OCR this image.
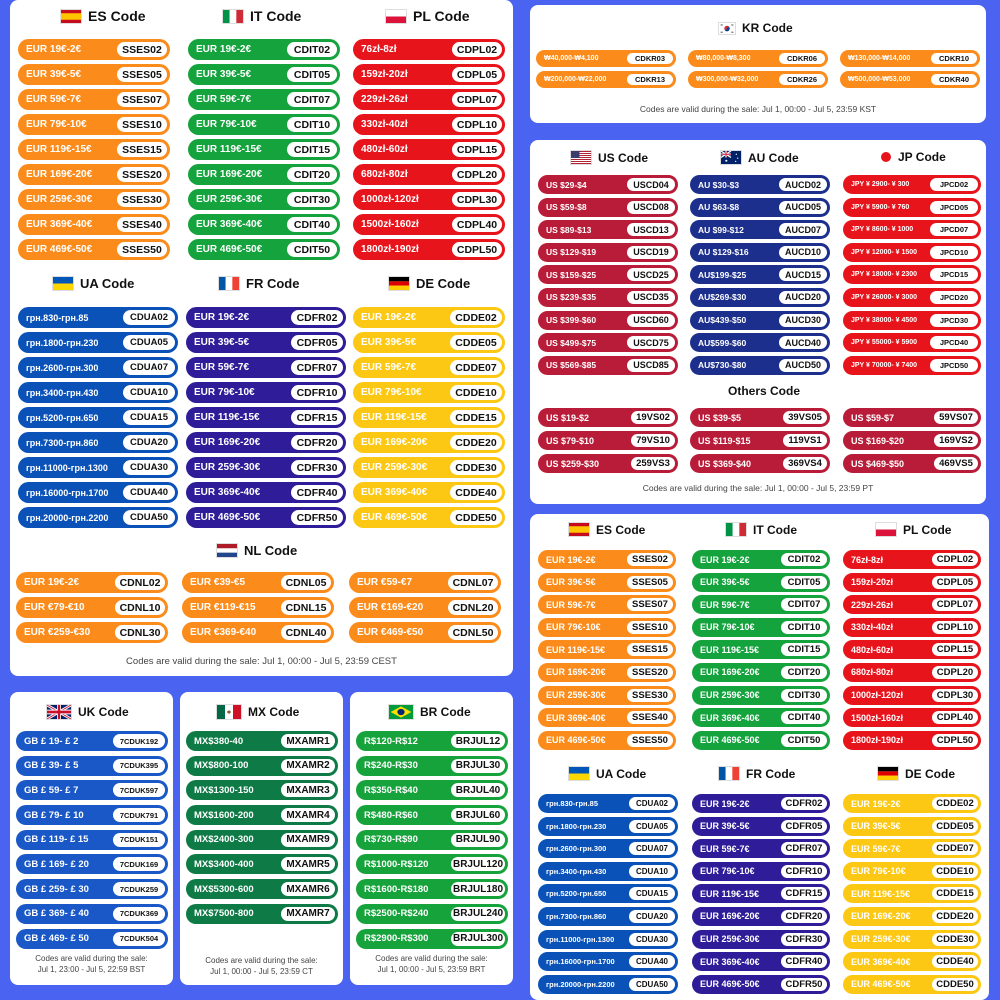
ES Code	IT Code	PL Code
EUR 19€-2€	SSES02
EUR 39€-5€	SSES05
EUR 59€-7€	SSES07
EUR 79€-10€	SSES10
EUR 119€-15€	SSES15
EUR 169€-20€	SSES20
EUR 259€-30€	SSES30
EUR 369€-40€	SSES40
EUR 469€-50€	SSES50
EUR 19€-2€	CDIT02
EUR 39€-5€	CDIT05
EUR 59€-7€	CDIT07
EUR 79€-10€	CDIT10
EUR 119€-15€	CDIT15
EUR 169€-20€	CDIT20
EUR 259€-30€	CDIT30
EUR 369€-40€	CDIT40
EUR 469€-50€	CDIT50
76zł-8zł	CDPL02
159zł-20zł	CDPL05
229zł-26zł	CDPL07
330zł-40zł	CDPL10
480zł-60zł	CDPL15
680zł-80zł	CDPL20
1000zł-120zł	CDPL30
1500zł-160zł	CDPL40
1800zł-190zł	CDPL50
UA Code	FR Code	DE Code
грн.830-грн.85	CDUA02
грн.1800-грн.230	CDUA05
грн.2600-грн.300	CDUA07
грн.3400-грн.430	CDUA10
грн.5200-грн.650	CDUA15
грн.7300-грн.860	CDUA20
грн.11000-грн.1300	CDUA30
грн.16000-грн.1700	CDUA40
грн.20000-грн.2200	CDUA50
EUR 19€-2€	CDFR02
EUR 39€-5€	CDFR05
EUR 59€-7€	CDFR07
EUR 79€-10€	CDFR10
EUR 119€-15€	CDFR15
EUR 169€-20€	CDFR20
EUR 259€-30€	CDFR30
EUR 369€-40€	CDFR40
EUR 469€-50€	CDFR50
EUR 19€-2€	CDDE02
EUR 39€-5€	CDDE05
EUR 59€-7€	CDDE07
EUR 79€-10€	CDDE10
EUR 119€-15€	CDDE15
EUR 169€-20€	CDDE20
EUR 259€-30€	CDDE30
EUR 369€-40€	CDDE40
EUR 469€-50€	CDDE50
NL Code
EUR 19€-2€	CDNL02
EUR €79-€10	CDNL10
EUR €259-€30	CDNL30
EUR €39-€5	CDNL05
EUR €119-€15	CDNL15
EUR €369-€40	CDNL40
EUR €59-€7	CDNL07
EUR €169-€20	CDNL20
EUR €469-€50	CDNL50
Codes are valid during the sale: Jul 1, 00:00 - Jul 5, 23:59 CEST
KR Code
₩40,000-₩4,100	CDKR03
₩200,000-₩22,000	CDKR13
₩80,000-₩8,300	CDKR06
₩300,000-₩32,000	CDKR26
₩130,000-₩14,000	CDKR10
₩500,000-₩53,000	CDKR40
Codes are valid during the sale: Jul 1, 00:00 - Jul 5, 23:59 KST
US Code	AU Code	JP Code
US $29-$4	USCD04
US $59-$8	USCD08
US $89-$13	USCD13
US $129-$19	USCD19
US $159-$25	USCD25
US $239-$35	USCD35
US $399-$60	USCD60
US $499-$75	USCD75
US $569-$85	USCD85
AU $30-$3	AUCD02
AU $63-$8	AUCD05
AU $99-$12	AUCD07
AU $129-$16	AUCD10
AU$199-$25	AUCD15
AU$269-$30	AUCD20
AU$439-$50	AUCD30
AU$599-$60	AUCD40
AU$730-$80	AUCD50
JPY ¥ 2900- ¥ 300	JPCD02
JPY ¥ 5900- ¥ 760	JPCD05
JPY ¥ 8600- ¥ 1000	JPCD07
JPY ¥ 12000- ¥ 1500	JPCD10
JPY ¥ 18000- ¥ 2300	JPCD15
JPY ¥ 26000- ¥ 3000	JPCD20
JPY ¥ 38000- ¥ 4500	JPCD30
JPY ¥ 55000- ¥ 5900	JPCD40
JPY ¥ 70000- ¥ 7400	JPCD50
Others Code
US $19-$2	19VS02
US $79-$10	79VS10
US $259-$30	259VS3
US $39-$5	39VS05
US $119-$15	119VS1
US $369-$40	369VS4
US $59-$7	59VS07
US $169-$20	169VS2
US $469-$50	469VS5
Codes are valid during the sale: Jul 1, 00:00 - Jul 5, 23:59 PT
ES Code	IT Code	PL Code
EUR 19€-2€	SSES02
EUR 39€-5€	SSES05
EUR 59€-7€	SSES07
EUR 79€-10€	SSES10
EUR 119€-15€	SSES15
EUR 169€-20€	SSES20
EUR 259€-30€	SSES30
EUR 369€-40€	SSES40
EUR 469€-50€	SSES50
EUR 19€-2€	CDIT02
EUR 39€-5€	CDIT05
EUR 59€-7€	CDIT07
EUR 79€-10€	CDIT10
EUR 119€-15€	CDIT15
EUR 169€-20€	CDIT20
EUR 259€-30€	CDIT30
EUR 369€-40€	CDIT40
EUR 469€-50€	CDIT50
76zł-8zł	CDPL02
159zł-20zł	CDPL05
229zł-26zł	CDPL07
330zł-40zł	CDPL10
480zł-60zł	CDPL15
680zł-80zł	CDPL20
1000zł-120zł	CDPL30
1500zł-160zł	CDPL40
1800zł-190zł	CDPL50
UA Code	FR Code	DE Code
грн.830-грн.85	CDUA02
грн.1800-грн.230	CDUA05
грн.2600-грн.300	CDUA07
грн.3400-грн.430	CDUA10
грн.5200-грн.650	CDUA15
грн.7300-грн.860	CDUA20
грн.11000-грн.1300	CDUA30
грн.16000-грн.1700	CDUA40
грн.20000-грн.2200	CDUA50
EUR 19€-2€	CDFR02
EUR 39€-5€	CDFR05
EUR 59€-7€	CDFR07
EUR 79€-10€	CDFR10
EUR 119€-15€	CDFR15
EUR 169€-20€	CDFR20
EUR 259€-30€	CDFR30
EUR 369€-40€	CDFR40
EUR 469€-50€	CDFR50
EUR 19€-2€	CDDE02
EUR 39€-5€	CDDE05
EUR 59€-7€	CDDE07
EUR 79€-10€	CDDE10
EUR 119€-15€	CDDE15
EUR 169€-20€	CDDE20
EUR 259€-30€	CDDE30
EUR 369€-40€	CDDE40
EUR 469€-50€	CDDE50
UK Code
GB £ 19- £ 2	7CDUK192
GB £ 39- £ 5	7CDUK395
GB £ 59- £ 7	7CDUK597
GB £ 79- £ 10	7CDUK791
GB £ 119- £ 15	7CDUK151
GB £ 169- £ 20	7CDUK169
GB £ 259- £ 30	7CDUK259
GB £ 369- £ 40	7CDUK369
GB £ 469- £ 50	7CDUK504
Codes are valid during the sale:
Jul 1, 23:00 - Jul 5, 22:59 BST
MX Code
MX$380-40	MXAMR1
MX$800-100	MXAMR2
MX$1300-150	MXAMR3
MX$1600-200	MXAMR4
MX$2400-300	MXAMR9
MX$3400-400	MXAMR5
MX$5300-600	MXAMR6
MX$7500-800	MXAMR7
Codes are valid during the sale:
Jul 1, 00:00 - Jul 5, 23:59 CT
BR Code
R$120-R$12	BRJUL12
R$240-R$30	BRJUL30
R$350-R$40	BRJUL40
R$480-R$60	BRJUL60
R$730-R$90	BRJUL90
R$1000-R$120	BRJUL120
R$1600-R$180	BRJUL180
R$2500-R$240	BRJUL240
R$2900-R$300	BRJUL300
Codes are valid during the sale:
Jul 1, 00:00 - Jul 5, 23:59 BRT
